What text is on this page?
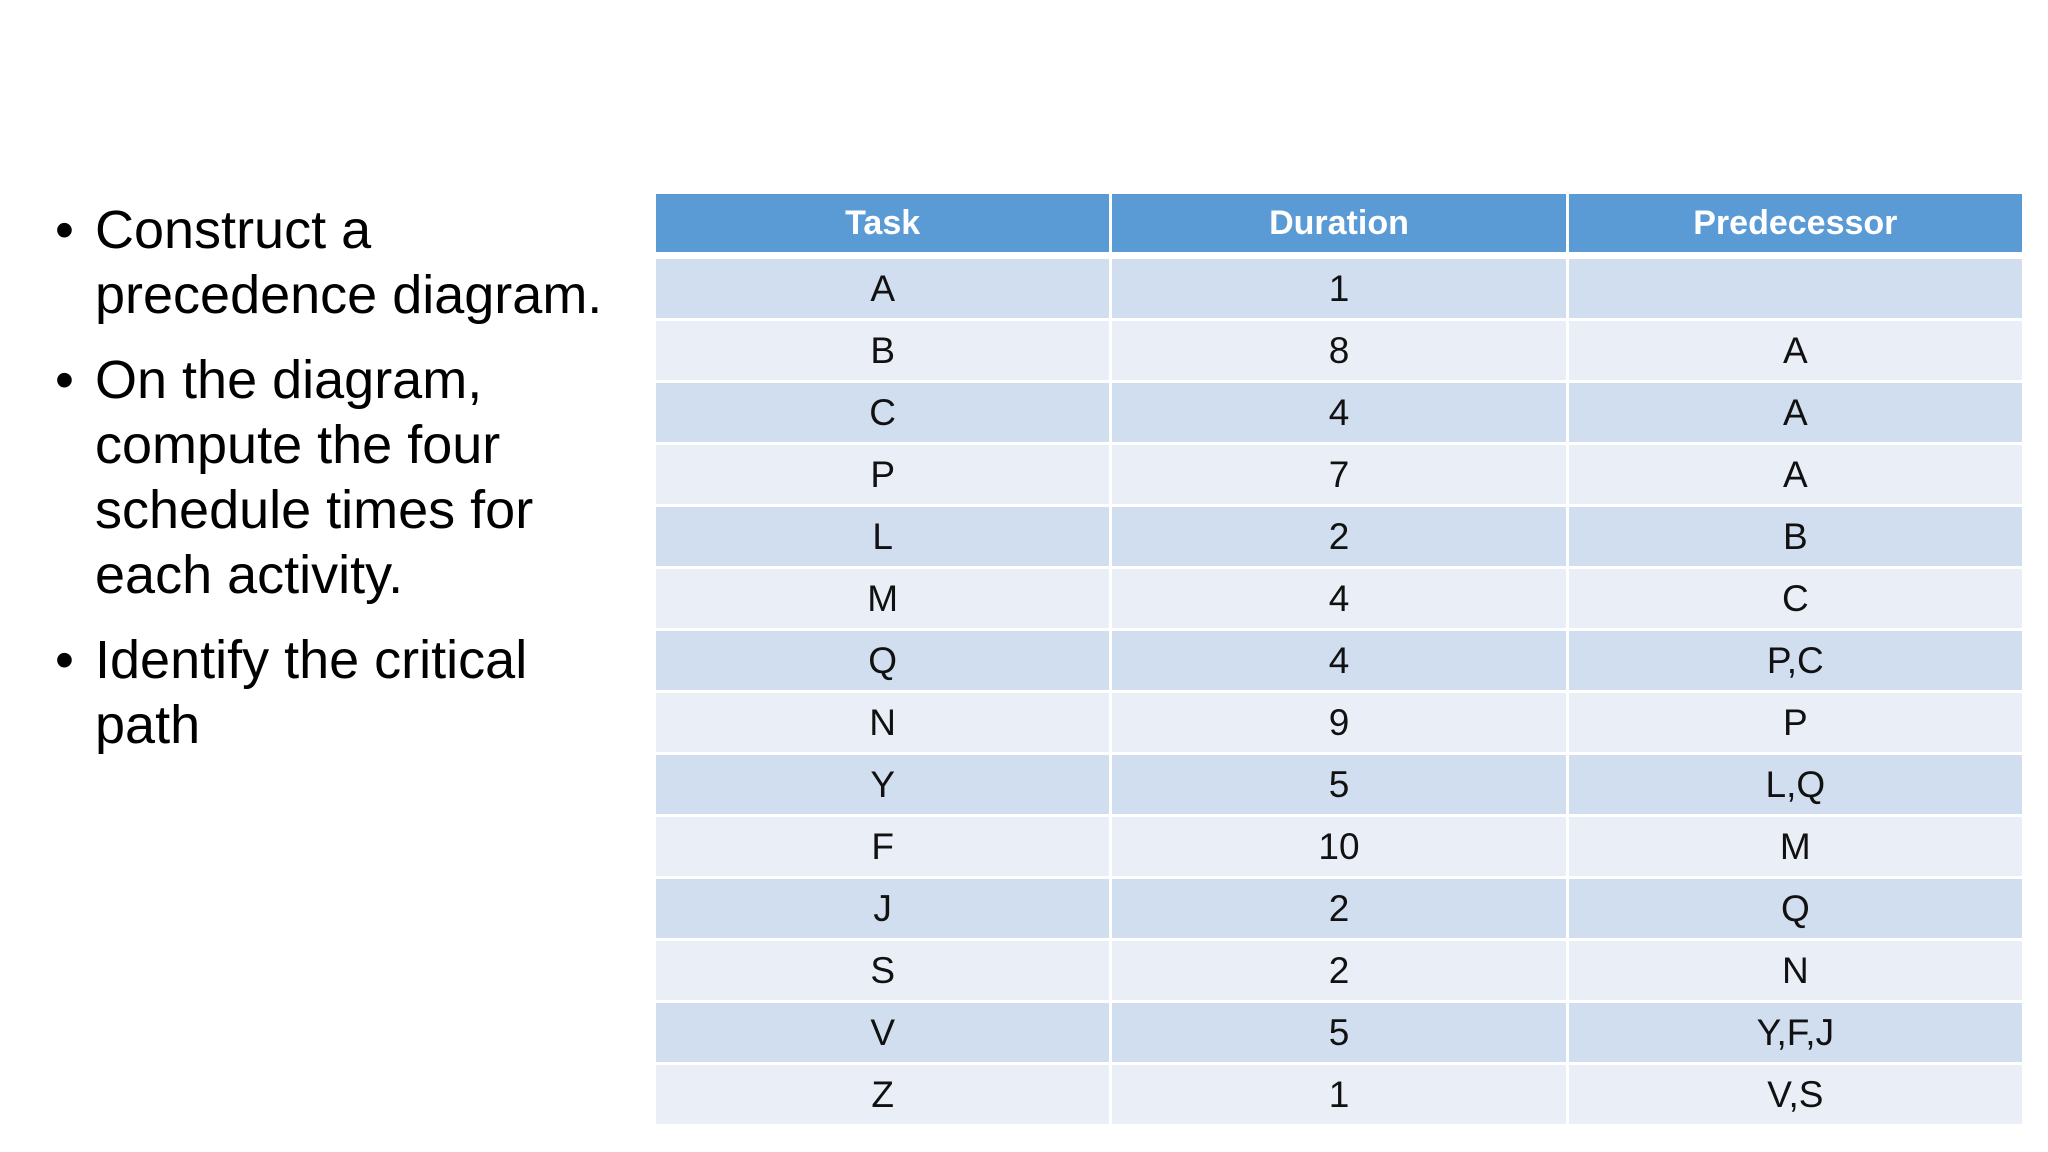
• Construct a
precedence diagram.
• On the diagram,
compute the four
schedule times for
each activity.
• Identify the critical
path
Task	Duration	Predecessor
A	1	
B	8	A
C	4	A
P	7	A
L	2	B
M	4	C
Q	4	P,C
N	9	P
Y	5	L,Q
F	10	M
J	2	Q
S	2	N
V	5	Y,F,J
Z	1	V,S
